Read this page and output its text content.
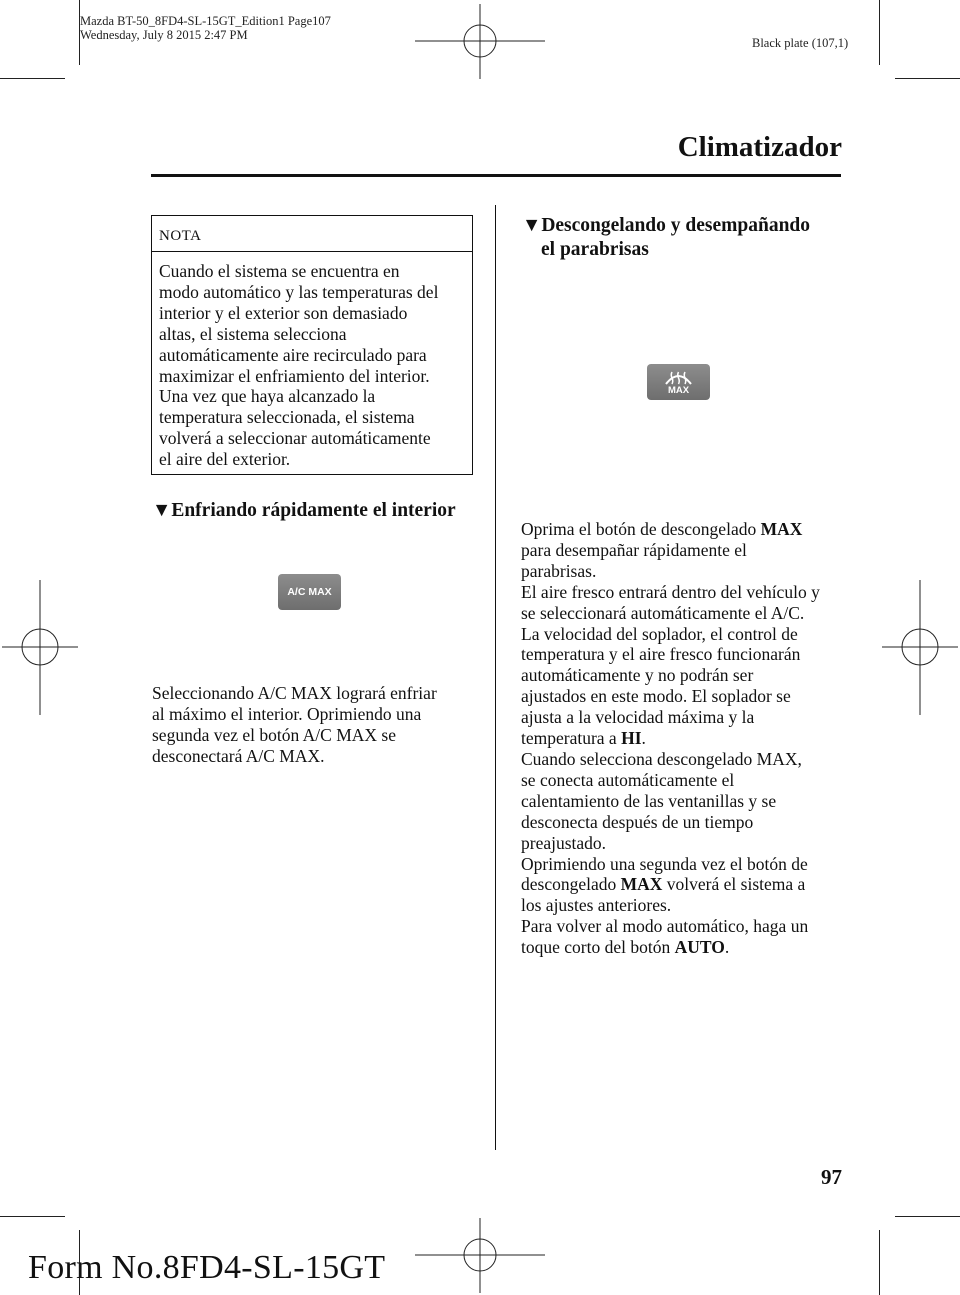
Mazda BT-50_8FD4-SL-15GT_Edition1 Page107
Wednesday, July 8 2015 2:47 PM
Black plate (107,1)
Climatizador
NOTA
Cuando el sistema se encuentra en
modo automático y las temperaturas del
interior y el exterior son demasiado
altas, el sistema selecciona
automáticamente aire recirculado para
maximizar el enfriamiento del interior.
Una vez que haya alcanzado la
temperatura seleccionada, el sistema
volverá a seleccionar automáticamente
el aire del exterior.
▼Enfriando rápidamente el interior
A/C MAX
Seleccionando A/C MAX logrará enfriar
al máximo el interior. Oprimiendo una
segunda vez el botón A/C MAX se
desconectará A/C MAX.
▼Descongelando y desempañando
el parabrisas
MAX
Oprima el botón de descongelado MAX
para desempañar rápidamente el
parabrisas.
El aire fresco entrará dentro del vehículo y
se seleccionará automáticamente el A/C.
La velocidad del soplador, el control de
temperatura y el aire fresco funcionarán
automáticamente y no podrán ser
ajustados en este modo. El soplador se
ajusta a la velocidad máxima y la
temperatura a HI.
Cuando selecciona descongelado MAX,
se conecta automáticamente el
calentamiento de las ventanillas y se
desconecta después de un tiempo
preajustado.
Oprimiendo una segunda vez el botón de
descongelado MAX volverá el sistema a
los ajustes anteriores.
Para volver al modo automático, haga un
toque corto del botón AUTO.
97
Form No.8FD4-SL-15GT
